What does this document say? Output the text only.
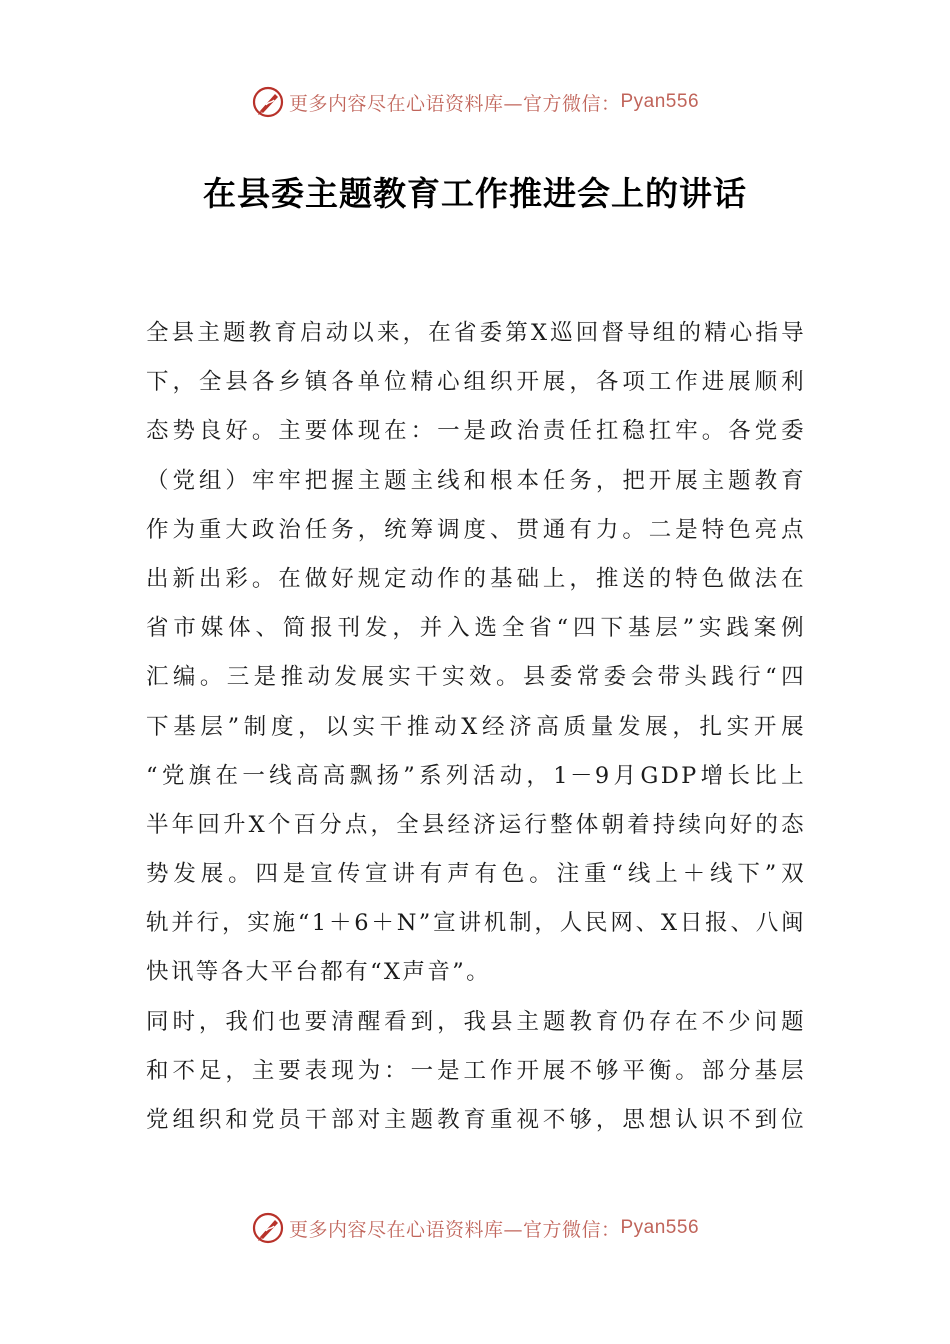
更多内容尽在心语资料库—官方微信： Pyan556
在县委主题教育工作推进会上的讲话
全县主题教育启动以来，在省委第X巡回督导组的精心指导
下，全县各乡镇各单位精心组织开展，各项工作进展顺利
态势良好。主要体现在：一是政治责任扛稳扛牢。各党委
（党组）牢牢把握主题主线和根本任务，把开展主题教育
作为重大政治任务，统筹调度、贯通有力。二是特色亮点
出新出彩。在做好规定动作的基础上，推送的特色做法在
省市媒体、简报刊发，并入选全省“四下基层”实践案例
汇编。三是推动发展实干实效。县委常委会带头践行“四
下基层”制度，以实干推动X经济高质量发展，扎实开展
“党旗在一线高高飘扬”系列活动，1－9月GDP增长比上
半年回升X个百分点，全县经济运行整体朝着持续向好的态
势发展。四是宣传宣讲有声有色。注重“线上＋线下”双
轨并行，实施“1＋6＋N”宣讲机制，人民网、X日报、八闽
快讯等各大平台都有“X声音”。
同时，我们也要清醒看到，我县主题教育仍存在不少问题
和不足，主要表现为：一是工作开展不够平衡。部分基层
党组织和党员干部对主题教育重视不够，思想认识不到位
更多内容尽在心语资料库—官方微信： Pyan556
